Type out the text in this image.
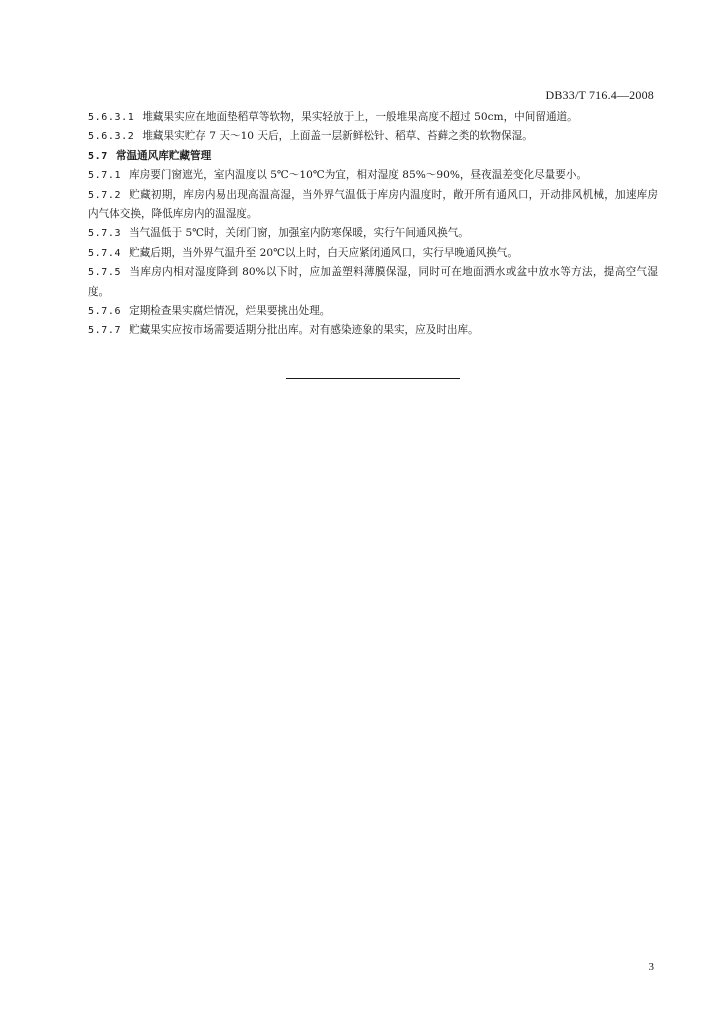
DB33/T 716.4—2008

5.6.3.1 堆藏果实应在地面垫稻草等软物，果实轻放于上，一般堆果高度不超过 50cm，中间留通道。

5.6.3.2 堆藏果实贮存 7 天～10 天后，上面盖一层新鲜松针、稻草、苔藓之类的软物保湿。

5.7 常温通风库贮藏管理

5.7.1 库房要门窗遮光，室内温度以 5℃～10℃为宜，相对湿度 85%～90%，昼夜温差变化尽量要小。

5.7.2 贮藏初期，库房内易出现高温高湿，当外界气温低于库房内温度时，敞开所有通风口，开动排风机械，加速库房内气体交换，降低库房内的温湿度。

5.7.3 当气温低于 5℃时，关闭门窗，加强室内防寒保暖，实行午间通风换气。

5.7.4 贮藏后期，当外界气温升至 20℃以上时，白天应紧闭通风口，实行早晚通风换气。

5.7.5 当库房内相对湿度降到 80%以下时，应加盖塑料薄膜保湿，同时可在地面洒水或盆中放水等方法，提高空气湿度。

5.7.6 定期检查果实腐烂情况，烂果要挑出处理。

5.7.7 贮藏果实应按市场需要适期分批出库。对有感染迹象的果实，应及时出库。

3
